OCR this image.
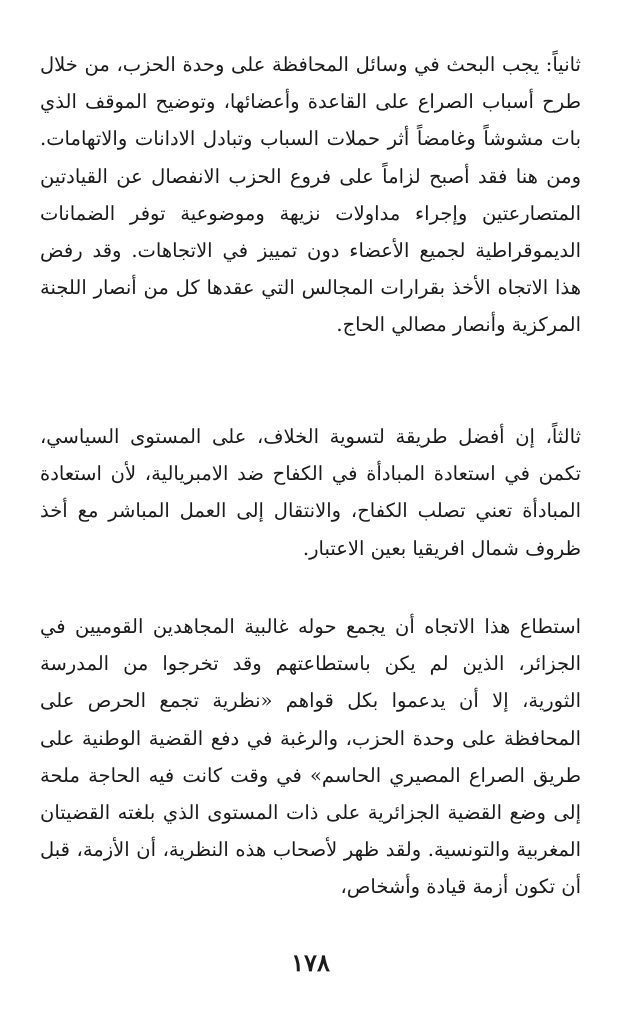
ثانياً: يجب البحث في وسائل المحافظة على وحدة الحزب، من خلال طرح أسباب الصراع على القاعدة وأعضائها، وتوضيح الموقف الذي بات مشوشاً وغامضاً أثر حملات السباب وتبادل الادانات والاتهامات. ومن هنا فقد أصبح لزاماً على فروع الحزب الانفصال عن القيادتين المتصارعتين وإجراء مداولات نزيهة وموضوعية توفر الضمانات الديموقراطية لجميع الأعضاء دون تمييز في الاتجاهات. وقد رفض هذا الاتجاه الأخذ بقرارات المجالس التي عقدها كل من أنصار اللجنة المركزية وأنصار مصالي الحاج.

ثالثاً، إن أفضل طريقة لتسوية الخلاف، على المستوى السياسي، تكمن في استعادة المبادأة في الكفاح ضد الامبريالية، لأن استعادة المبادأة تعني تصلب الكفاح، والانتقال إلى العمل المباشر مع أخذ ظروف شمال افريقيا بعين الاعتبار.

استطاع هذا الاتجاه أن يجمع حوله غالبية المجاهدين القوميين في الجزائر، الذين لم يكن باستطاعتهم وقد تخرجوا من المدرسة الثورية، إلا أن يدعموا بكل قواهم «نظرية تجمع الحرص على المحافظة على وحدة الحزب، والرغبة في دفع القضية الوطنية على طريق الصراع المصيري الحاسم» في وقت كانت فيه الحاجة ملحة إلى وضع القضية الجزائرية على ذات المستوى الذي بلغته القضيتان المغربية والتونسية. ولقد ظهر لأصحاب هذه النظرية، أن الأزمة، قبل أن تكون أزمة قيادة وأشخاص،

١٧٨
